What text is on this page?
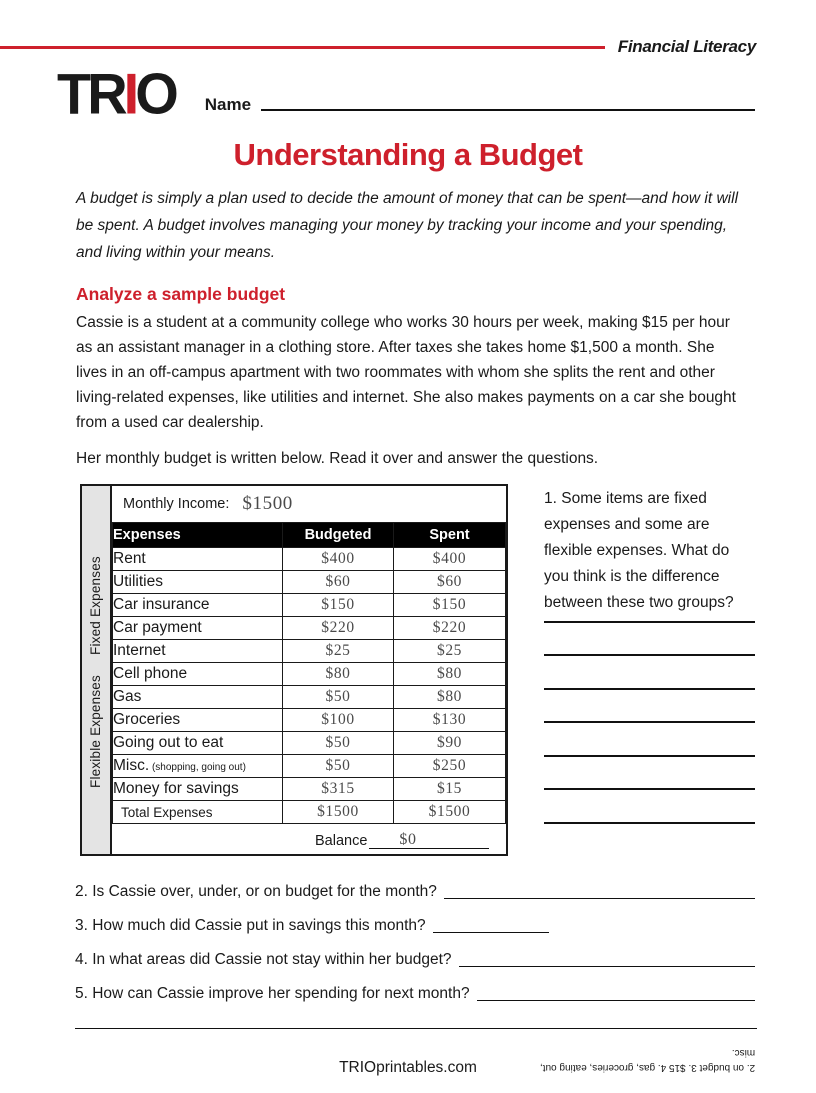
Financial Literacy
TRIO Name
Understanding a Budget
A budget is simply a plan used to decide the amount of money that can be spent—and how it will be spent. A budget involves managing your money by tracking your income and your spending, and living within your means.
Analyze a sample budget
Cassie is a student at a community college who works 30 hours per week, making $15 per hour as an assistant manager in a clothing store. After taxes she takes home $1,500 a month. She lives in an off-campus apartment with two roommates with whom she splits the rent and other living-related expenses, like utilities and internet. She also makes payments on a car she bought from a used car dealership.
Her monthly budget is written below. Read it over and answer the questions.
Fixed Expenses
Flexible Expenses
Monthly Income: $1500
Expenses	Budgeted	Spent
Rent	$400	$400
Utilities	$60	$60
Car insurance	$150	$150
Car payment	$220	$220
Internet	$25	$25
Cell phone	$80	$80
Gas	$50	$80
Groceries	$100	$130
Going out to eat	$50	$90
Misc. (shopping, going out)	$50	$250
Money for savings	$315	$15
Total Expenses	$1500	$1500
Balance	$0
1. Some items are fixed expenses and some are flexible expenses. What do you think is the difference between these two groups?
2. Is Cassie over, under, or on budget for the month?
3. How much did Cassie put in savings this month?
4. In what areas did Cassie not stay within her budget?
5. How can Cassie improve her spending for next month?
TRIOprintables.com	2. on budget 3. $15 4. gas, groceries, eating out,
misc.
